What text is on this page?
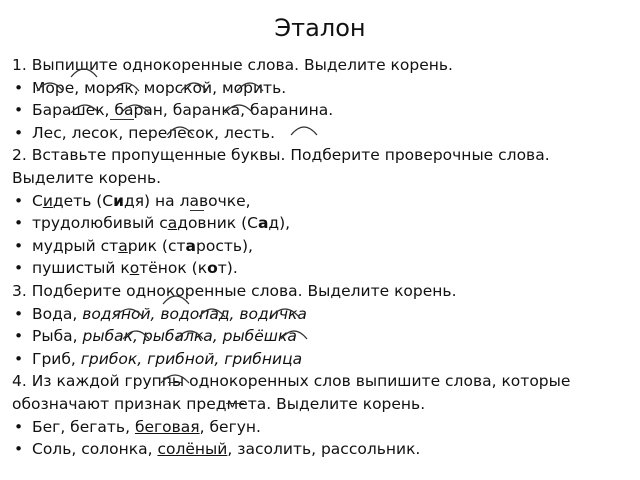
Эталон
1. Выпишите однокоренные слова. Выделите корень.
• Море, моряк, морской, морить.
• Барашек, баран, баранка, баранина.
• Лес, лесок, перелесок, лесть.
2. Вставьте пропущенные буквы. Подберите проверочные слова. Выделите корень.
• Сидеть (Сидя) на лавочке,
• трудолюбивый садовник (Сад),
• мудрый старик (старость),
• пушистый котёнок (кот).
3. Подберите однокоренные слова. Выделите корень.
• Вода, водяной, водопад, водичка
• Рыба, рыбак, рыбалка, рыбёшка
• Гриб, грибок, грибной, грибница
4. Из каждой группы однокоренных слов выпишите слова, которые обозначают признак предмета. Выделите корень.
• Бег, бегать, беговая, бегун.
• Соль, солонка, солёный, засолить, рассольник.
